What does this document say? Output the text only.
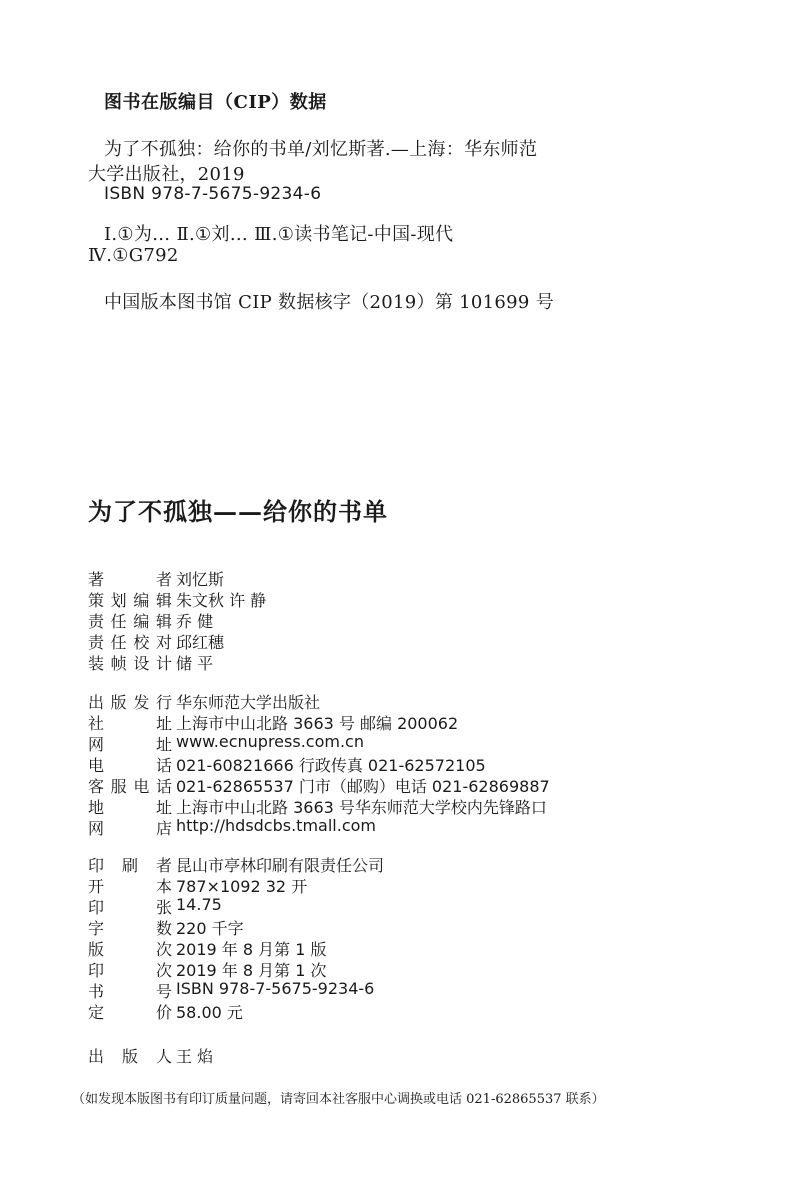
图书在版编目（CIP）数据
为了不孤独：给你的书单/刘忆斯著.—上海：华东师范
大学出版社，2019
ISBN 978-7-5675-9234-6
Ⅰ.①为… Ⅱ.①刘… Ⅲ.①读书笔记-中国-现代
Ⅳ.①G792
中国版本图书馆 CIP 数据核字（2019）第 101699 号
为了不孤独——给你的书单
著者 刘忆斯
策划编辑 朱文秋 许 静
责任编辑 乔 健
责任校对 邱红穗
装帧设计 储 平
出版发行 华东师范大学出版社
社址 上海市中山北路 3663 号 邮编 200062
网址 www.ecnupress.com.cn
电话 021-60821666 行政传真 021-62572105
客服电话 021-62865537 门市（邮购）电话 021-62869887
地址 上海市中山北路 3663 号华东师范大学校内先锋路口
网店 http://hdsdcbs.tmall.com
印刷者 昆山市亭林印刷有限责任公司
开本 787×1092 32 开
印张 14.75
字数 220 千字
版次 2019 年 8 月第 1 版
印次 2019 年 8 月第 1 次
书号 ISBN 978-7-5675-9234-6
定价 58.00 元
出版人 王 焰
（如发现本版图书有印订质量问题，请寄回本社客服中心调换或电话 021-62865537 联系）
